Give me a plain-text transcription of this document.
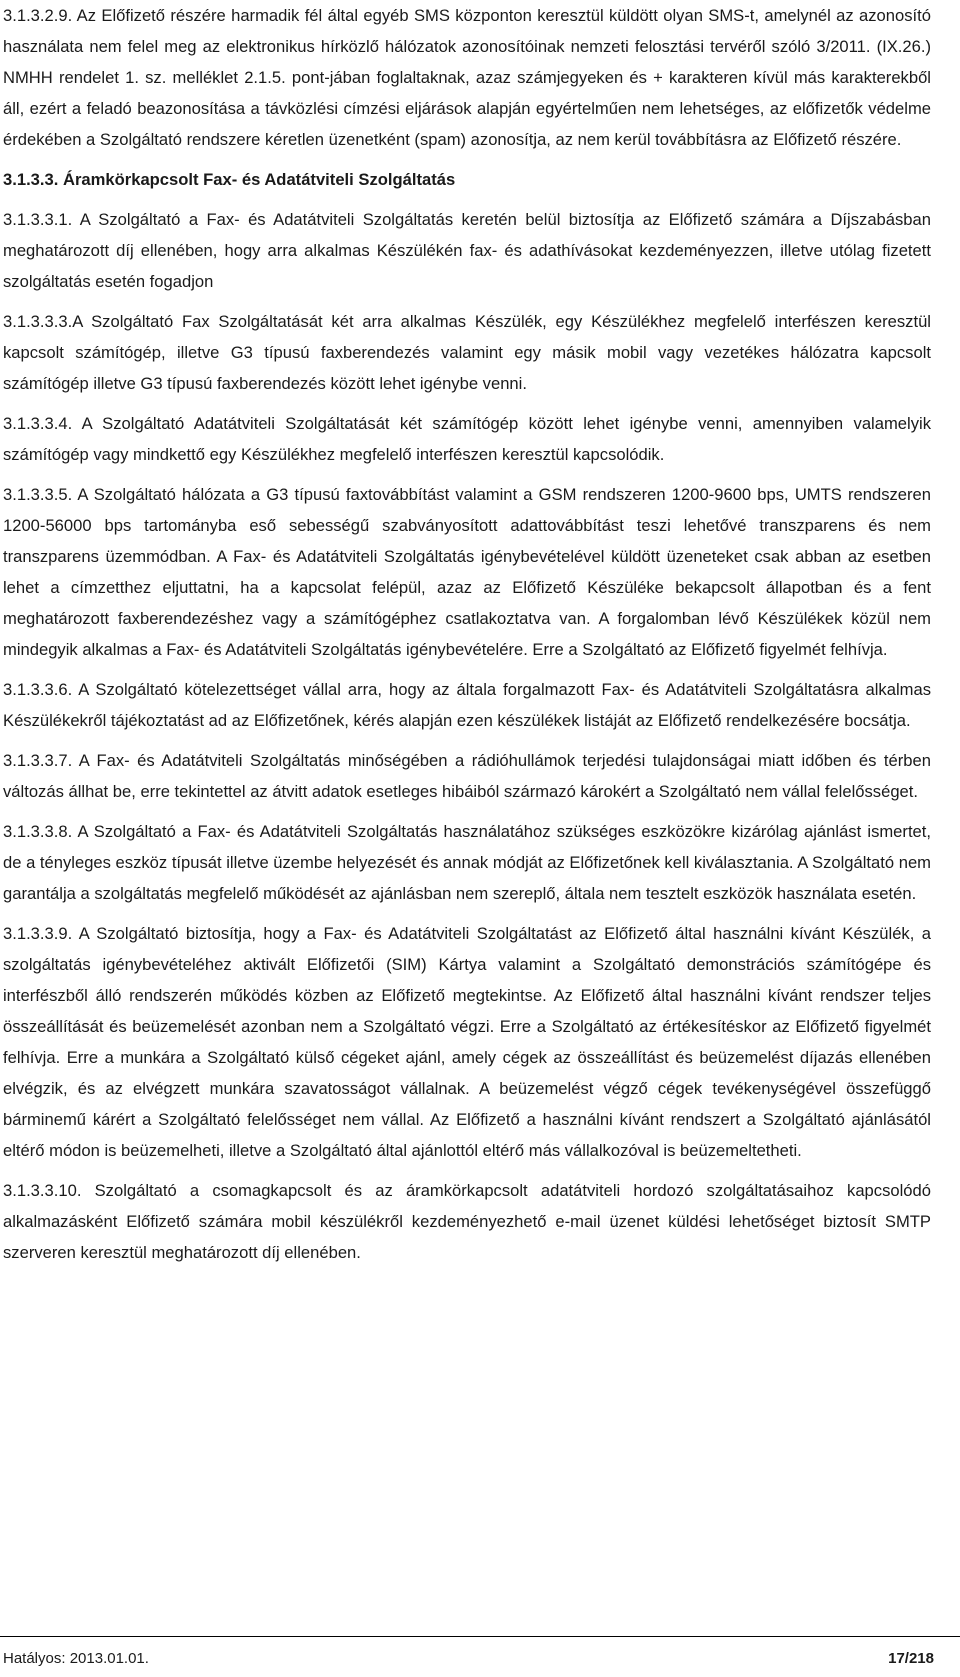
3.1.3.2.9. Az Előfizető részére harmadik fél által egyéb SMS központon keresztül küldött olyan SMS-t, amelynél az azonosító használata nem felel meg az elektronikus hírközlő hálózatok azonosítóinak nemzeti felosztási tervéről szóló 3/2011. (IX.26.) NMHH rendelet 1. sz. melléklet 2.1.5. pont-jában foglaltaknak, azaz számjegyeken és + karakteren kívül más karakterekből áll, ezért a feladó beazonosítása a távközlési címzési eljárások alapján egyértelműen nem lehetséges, az előfizetők védelme érdekében a Szolgáltató rendszere kéretlen üzenetként (spam) azonosítja, az nem kerül továbbításra az Előfizető részére.

3.1.3.3. Áramkörkapcsolt Fax- és Adatátviteli Szolgáltatás

3.1.3.3.1. A Szolgáltató a Fax- és Adatátviteli Szolgáltatás keretén belül biztosítja az Előfizető számára a Díjszabásban meghatározott díj ellenében, hogy arra alkalmas Készülékén fax- és adathívásokat kezdeményezzen, illetve utólag fizetett szolgáltatás esetén fogadjon

3.1.3.3.3.A Szolgáltató Fax Szolgáltatását két arra alkalmas Készülék, egy Készülékhez megfelelő interfészen keresztül kapcsolt számítógép, illetve G3 típusú faxberendezés valamint egy másik mobil vagy vezetékes hálózatra kapcsolt számítógép illetve G3 típusú faxberendezés között lehet igénybe venni.

3.1.3.3.4. A Szolgáltató Adatátviteli Szolgáltatását két számítógép között lehet igénybe venni, amennyiben valamelyik számítógép vagy mindkettő egy Készülékhez megfelelő interfészen keresztül kapcsolódik.

3.1.3.3.5. A Szolgáltató hálózata a G3 típusú faxtovábbítást valamint a GSM rendszeren 1200-9600 bps, UMTS rendszeren 1200-56000 bps tartományba eső sebességű szabványosított adattovábbítást teszi lehetővé transzparens és nem transzparens üzemmódban. A Fax- és Adatátviteli Szolgáltatás igénybevételével küldött üzeneteket csak abban az esetben lehet a címzetthez eljuttatni, ha a kapcsolat felépül, azaz az Előfizető Készüléke bekapcsolt állapotban és a fent meghatározott faxberendezéshez vagy a számítógéphez csatlakoztatva van. A forgalomban lévő Készülékek közül nem mindegyik alkalmas a Fax- és Adatátviteli Szolgáltatás igénybevételére. Erre a Szolgáltató az Előfizető figyelmét felhívja.

3.1.3.3.6. A Szolgáltató kötelezettséget vállal arra, hogy az általa forgalmazott Fax- és Adatátviteli Szolgáltatásra alkalmas Készülékekről tájékoztatást ad az Előfizetőnek, kérés alapján ezen készülékek listáját az Előfizető rendelkezésére bocsátja.

3.1.3.3.7. A Fax- és Adatátviteli Szolgáltatás minőségében a rádióhullámok terjedési tulajdonságai miatt időben és térben változás állhat be, erre tekintettel az átvitt adatok esetleges hibáiból származó károkért a Szolgáltató nem vállal felelősséget.

3.1.3.3.8. A Szolgáltató a Fax- és Adatátviteli Szolgáltatás használatához szükséges eszközökre kizárólag ajánlást ismertet, de a tényleges eszköz típusát illetve üzembe helyezését és annak módját az Előfizetőnek kell kiválasztania. A Szolgáltató nem garantálja a szolgáltatás megfelelő működését az ajánlásban nem szereplő, általa nem tesztelt eszközök használata esetén.

3.1.3.3.9. A Szolgáltató biztosítja, hogy a Fax- és Adatátviteli Szolgáltatást az Előfizető által használni kívánt Készülék, a szolgáltatás igénybevételéhez aktivált Előfizetői (SIM) Kártya valamint a Szolgáltató demonstrációs számítógépe és interfészből álló rendszerén működés közben az Előfizető megtekintse. Az Előfizető által használni kívánt rendszer teljes összeállítását és beüzemelését azonban nem a Szolgáltató végzi. Erre a Szolgáltató az értékesítéskor az Előfizető figyelmét felhívja. Erre a munkára a Szolgáltató külső cégeket ajánl, amely cégek az összeállítást és beüzemelést díjazás ellenében elvégzik, és az elvégzett munkára szavatosságot vállalnak. A beüzemelést végző cégek tevékenységével összefüggő bárminemű kárért a Szolgáltató felelősséget nem vállal. Az Előfizető a használni kívánt rendszert a Szolgáltató ajánlásától eltérő módon is beüzemelheti, illetve a Szolgáltató által ajánlottól eltérő más vállalkozóval is beüzemeltetheti.

3.1.3.3.10. Szolgáltató a csomagkapcsolt és az áramkörkapcsolt adatátviteli hordozó szolgáltatásaihoz kapcsolódó alkalmazásként Előfizető számára mobil készülékről kezdeményezhető e-mail üzenet küldési lehetőséget biztosít SMTP szerveren keresztül meghatározott díj ellenében.

Hatályos: 2013.01.01.	17/218
